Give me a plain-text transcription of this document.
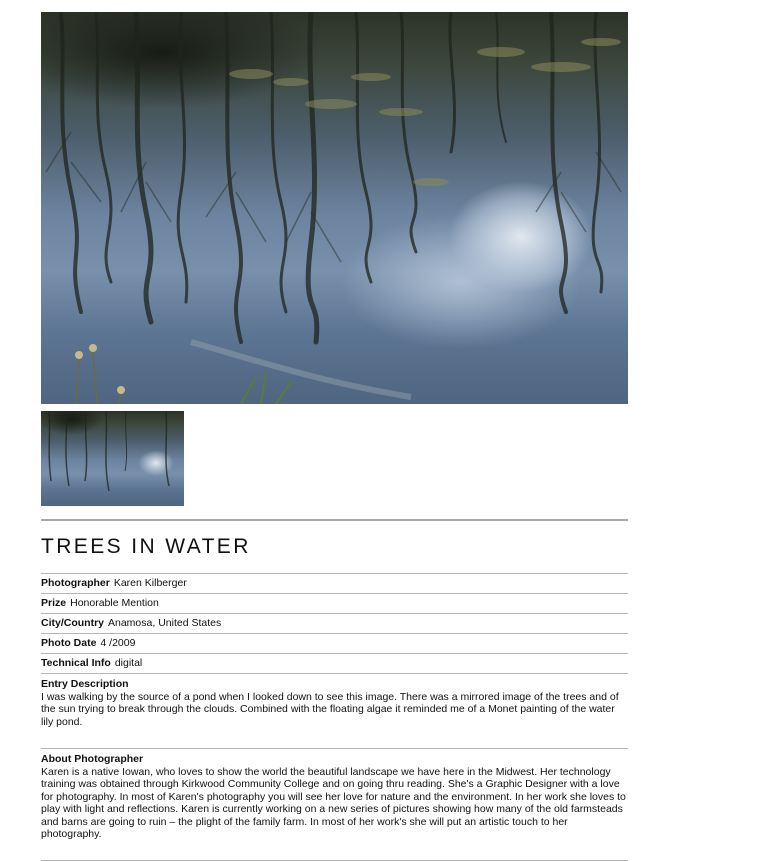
TREES IN WATER
Photographer Karen Kilberger
Prize Honorable Mention
City/Country Anamosa, United States
Photo Date 4 /2009
Technical Info digital
Entry Description

I was walking by the source of a pond when I looked down to see this image. There was a mirrored image of the trees and of the sun trying to break through the clouds. Combined with the floating algae it reminded me of a Monet painting of the water lily pond.

About Photographer

Karen is a native Iowan, who loves to show the world the beautiful landscape we have here in the Midwest. Her technology training was obtained through Kirkwood Community College and on going thru reading. She's a Graphic Designer with a love for photography. In most of Karen's photography you will see her love for nature and the environment. In her work she loves to play with light and reflections. Karen is currently working on a new series of pictures showing how many of the old farmsteads and barns are going to ruin – the plight of the family farm. In most of her work's she will put an artistic touch to her photography.
